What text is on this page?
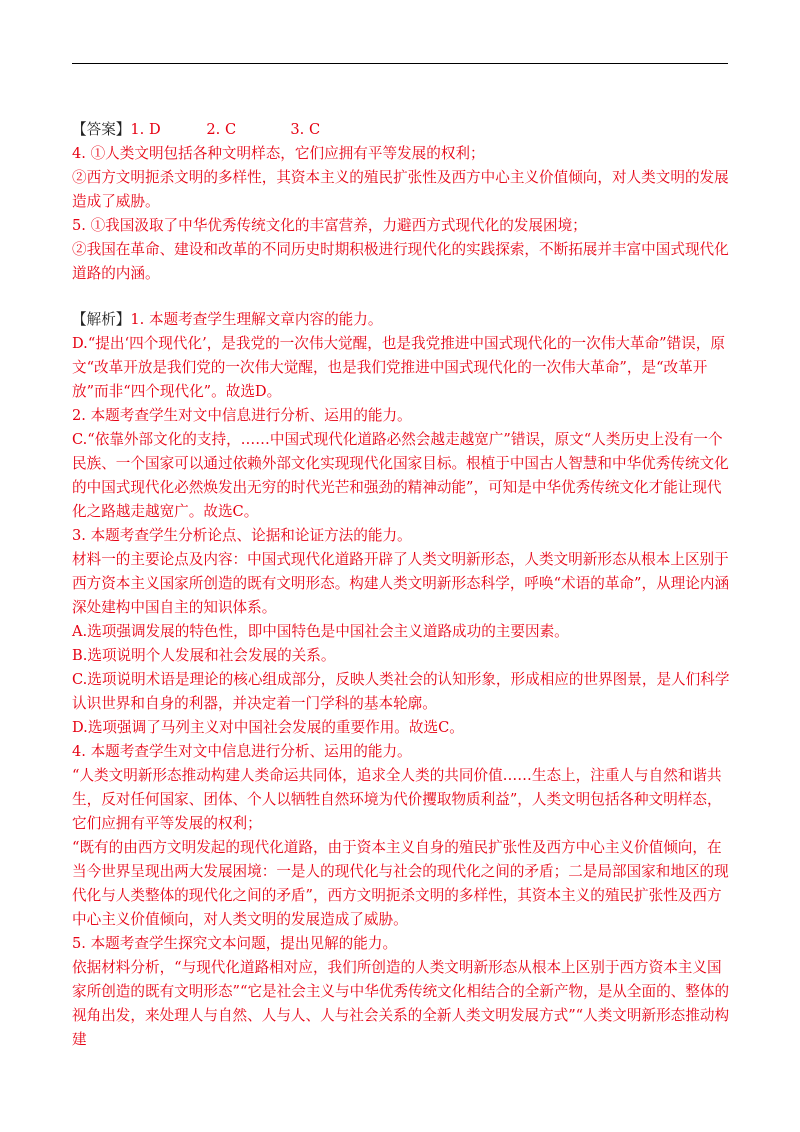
【答案】1. D	2. C	3. C

4. ①人类文明包括各种文明样态，它们应拥有平等发展的权利；

②西方文明扼杀文明的多样性，其资本主义的殖民扩张性及西方中心主义价值倾向，对人类文明的发展造成了威胁。

5. ①我国汲取了中华优秀传统文化的丰富营养，力避西方式现代化的发展困境；

②我国在革命、建设和改革的不同历史时期积极进行现代化的实践探索，不断拓展并丰富中国式现代化道路的内涵。

【解析】1. 本题考查学生理解文章内容的能力。

D.“提出‘四个现代化’，是我党的一次伟大觉醒，也是我党推进中国式现代化的一次伟大革命”错误，原文“改革开放是我们党的一次伟大觉醒，也是我们党推进中国式现代化的一次伟大革命”，是“改革开放”而非“四个现代化”。故选D。

2. 本题考查学生对文中信息进行分析、运用的能力。

C.“依靠外部文化的支持，……中国式现代化道路必然会越走越宽广”错误，原文“人类历史上没有一个民族、一个国家可以通过依赖外部文化实现现代化国家目标。根植于中国古人智慧和中华优秀传统文化的中国式现代化必然焕发出无穷的时代光芒和强劲的精神动能”，可知是中华优秀传统文化才能让现代化之路越走越宽广。故选C。

3. 本题考查学生分析论点、论据和论证方法的能力。

材料一的主要论点及内容：中国式现代化道路开辟了人类文明新形态，人类文明新形态从根本上区别于西方资本主义国家所创造的既有文明形态。构建人类文明新形态科学，呼唤“术语的革命”，从理论内涵深处建构中国自主的知识体系。

A.选项强调发展的特色性，即中国特色是中国社会主义道路成功的主要因素。

B.选项说明个人发展和社会发展的关系。

C.选项说明术语是理论的核心组成部分，反映人类社会的认知形象，形成相应的世界图景，是人们科学认识世界和自身的利器，并决定着一门学科的基本轮廓。

D.选项强调了马列主义对中国社会发展的重要作用。故选C。

4. 本题考查学生对文中信息进行分析、运用的能力。

“人类文明新形态推动构建人类命运共同体，追求全人类的共同价值……生态上，注重人与自然和谐共生，反对任何国家、团体、个人以牺牲自然环境为代价攫取物质利益”，人类文明包括各种文明样态，它们应拥有平等发展的权利；

“既有的由西方文明发起的现代化道路，由于资本主义自身的殖民扩张性及西方中心主义价值倾向，在当今世界呈现出两大发展困境：一是人的现代化与社会的现代化之间的矛盾；二是局部国家和地区的现代化与人类整体的现代化之间的矛盾”，西方文明扼杀文明的多样性，其资本主义的殖民扩张性及西方中心主义价值倾向，对人类文明的发展造成了威胁。

5. 本题考查学生探究文本问题，提出见解的能力。

依据材料分析，“与现代化道路相对应，我们所创造的人类文明新形态从根本上区别于西方资本主义国家所创造的既有文明形态”“它是社会主义与中华优秀传统文化相结合的全新产物，是从全面的、整体的视角出发，来处理人与自然、人与人、人与社会关系的全新人类文明发展方式”“人类文明新形态推动构建
